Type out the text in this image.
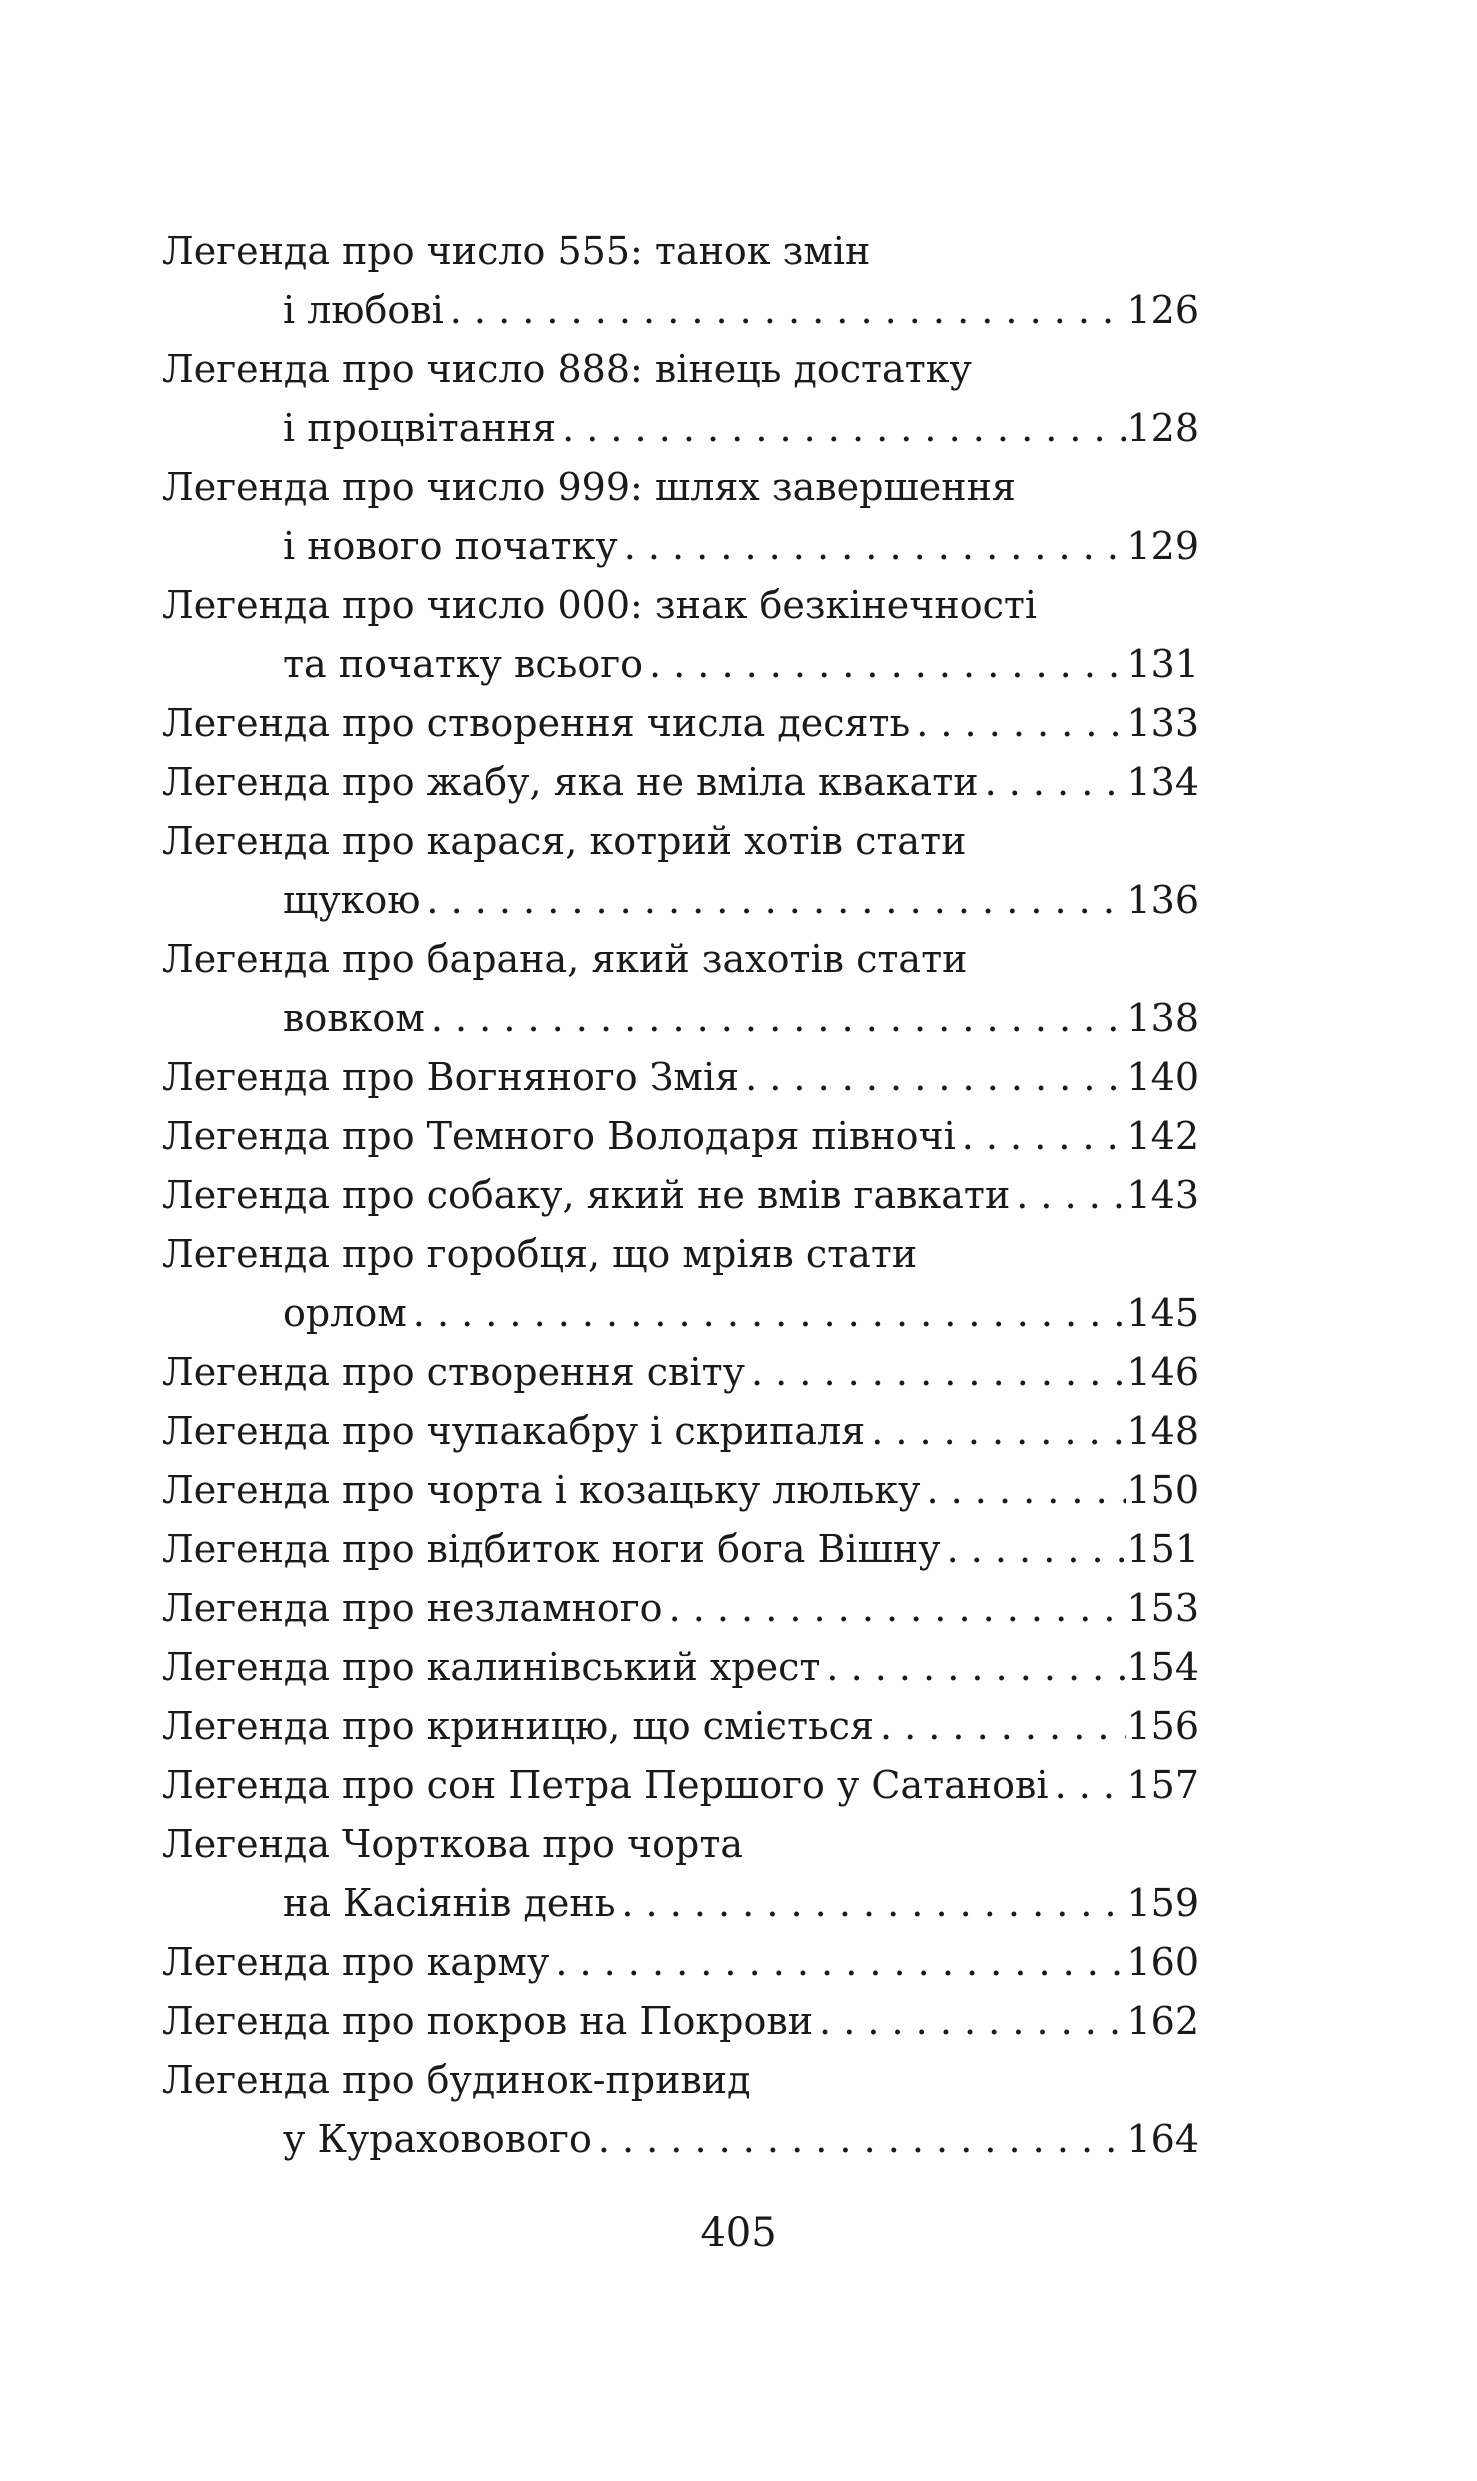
Легенда про число 555: танок змін
і любові . . .	126
Легенда про число 888: вінець достатку
і процвітання . . .	128
Легенда про число 999: шлях завершення
і нового початку . . .	129
Легенда про число 000: знак безкінечності
та початку всього . . .	131
Легенда про створення числа десять . . .	133
Легенда про жабу, яка не вміла квакати . . .	134
Легенда про карася, котрий хотів стати
щукою . . .	136
Легенда про барана, який захотів стати
вовком . . .	138
Легенда про Вогняного Змія . . .	140
Легенда про Темного Володаря півночі . . .	142
Легенда про собаку, який не вмів гавкати . . .	143
Легенда про горобця, що мріяв стати
орлом . . .	145
Легенда про створення світу . . .	146
Легенда про чупакабру і скрипаля . . .	148
Легенда про чорта і козацьку люльку . . .	150
Легенда про відбиток ноги бога Вішну . . .	151
Легенда про незламного . . .	153
Легенда про калинівський хрест . . .	154
Легенда про криницю, що сміється . . .	156
Легенда про сон Петра Першого у Сатанові . . . 157
Легенда Чорткова про чорта
на Касіянів день . . .	159
Легенда про карму . . .	160
Легенда про покров на Покрови . . .	162
Легенда про будинок-привид
у Кураховового . . .	164
405
